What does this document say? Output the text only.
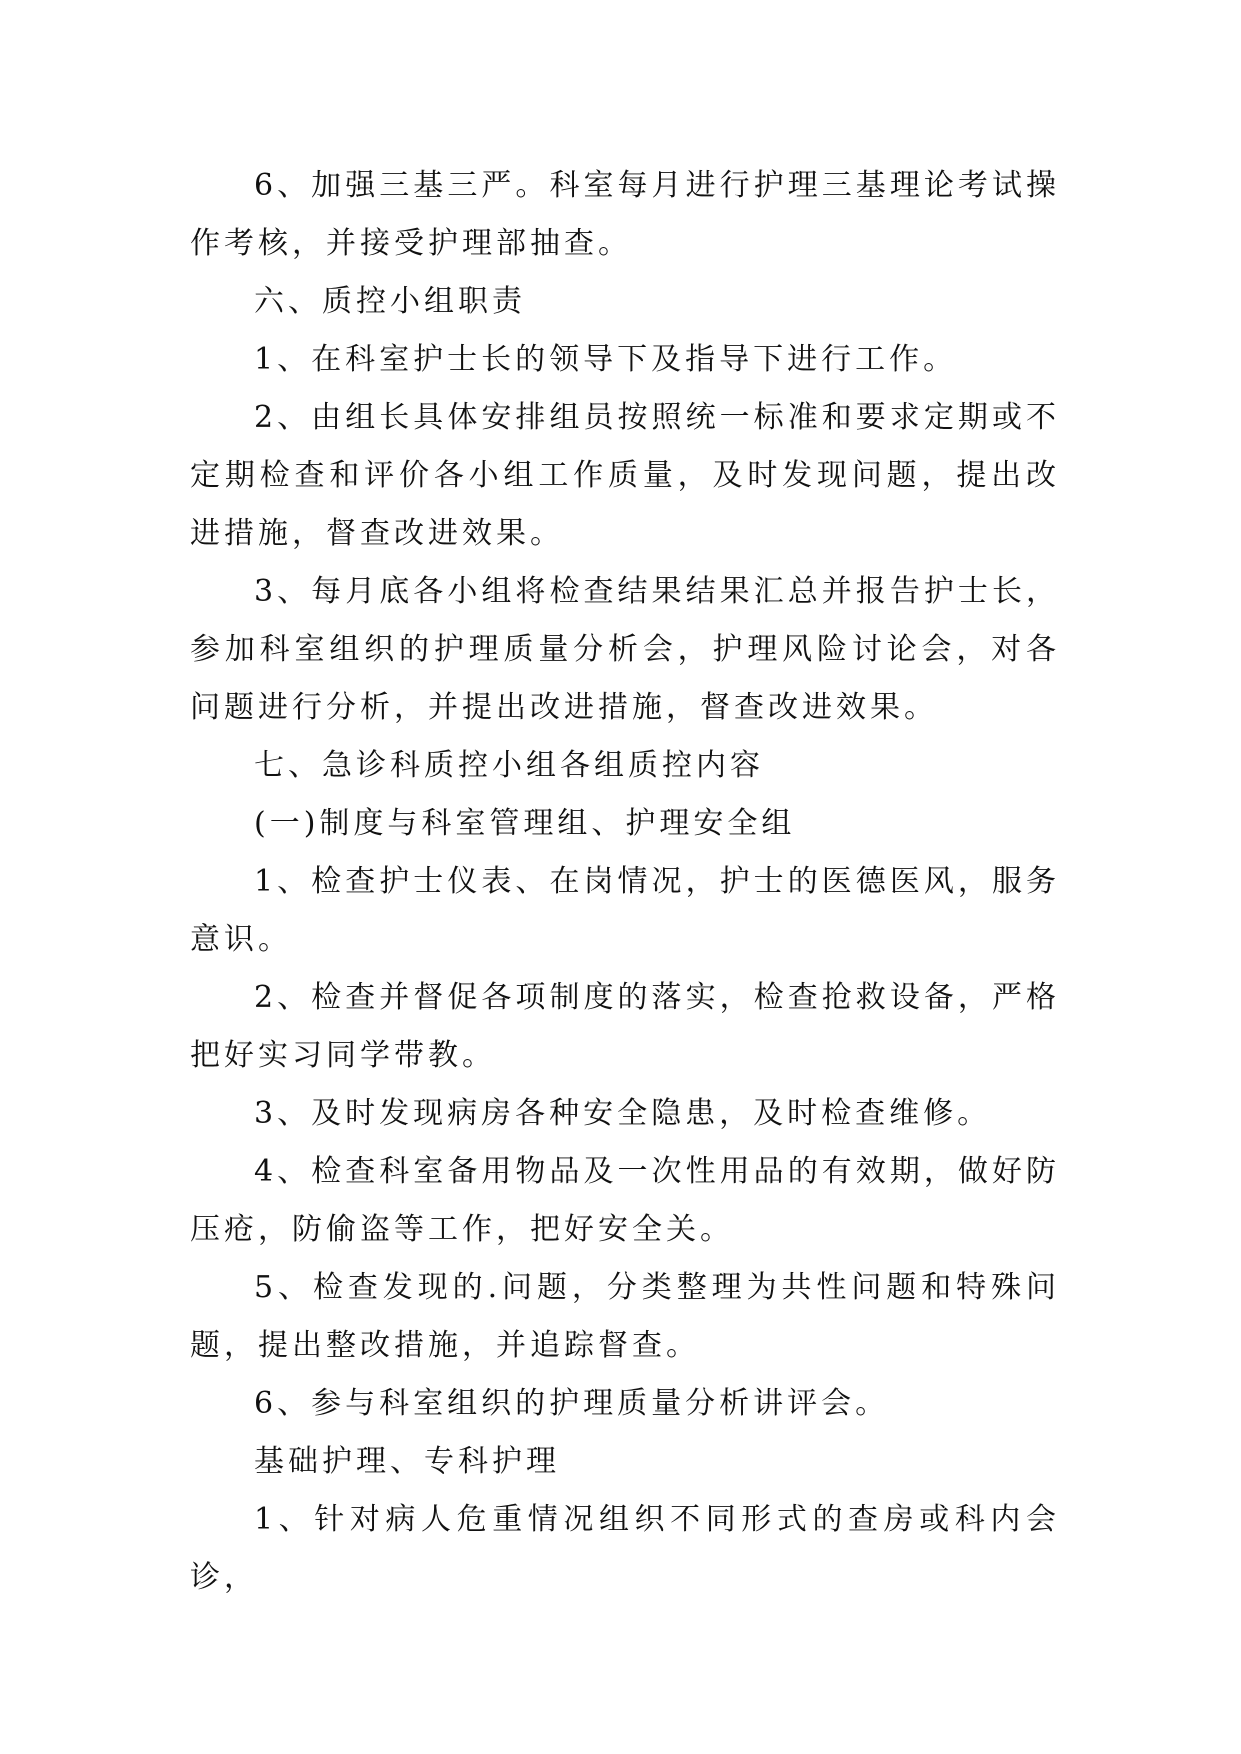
6、加强三基三严。科室每月进行护理三基理论考试操作考核，并接受护理部抽查。

六、质控小组职责

1、在科室护士长的领导下及指导下进行工作。

2、由组长具体安排组员按照统一标准和要求定期或不定期检查和评价各小组工作质量，及时发现问题，提出改进措施，督查改进效果。

3、每月底各小组将检查结果结果汇总并报告护士长，参加科室组织的护理质量分析会，护理风险讨论会，对各问题进行分析，并提出改进措施，督查改进效果。

七、急诊科质控小组各组质控内容

(一)制度与科室管理组、护理安全组

1、检查护士仪表、在岗情况，护士的医德医风，服务意识。

2、检查并督促各项制度的落实，检查抢救设备，严格把好实习同学带教。

3、及时发现病房各种安全隐患，及时检查维修。

4、检查科室备用物品及一次性用品的有效期，做好防压疮，防偷盗等工作，把好安全关。

5、检查发现的.问题，分类整理为共性问题和特殊问题，提出整改措施，并追踪督查。

6、参与科室组织的护理质量分析讲评会。

基础护理、专科护理

1、针对病人危重情况组织不同形式的查房或科内会诊，
